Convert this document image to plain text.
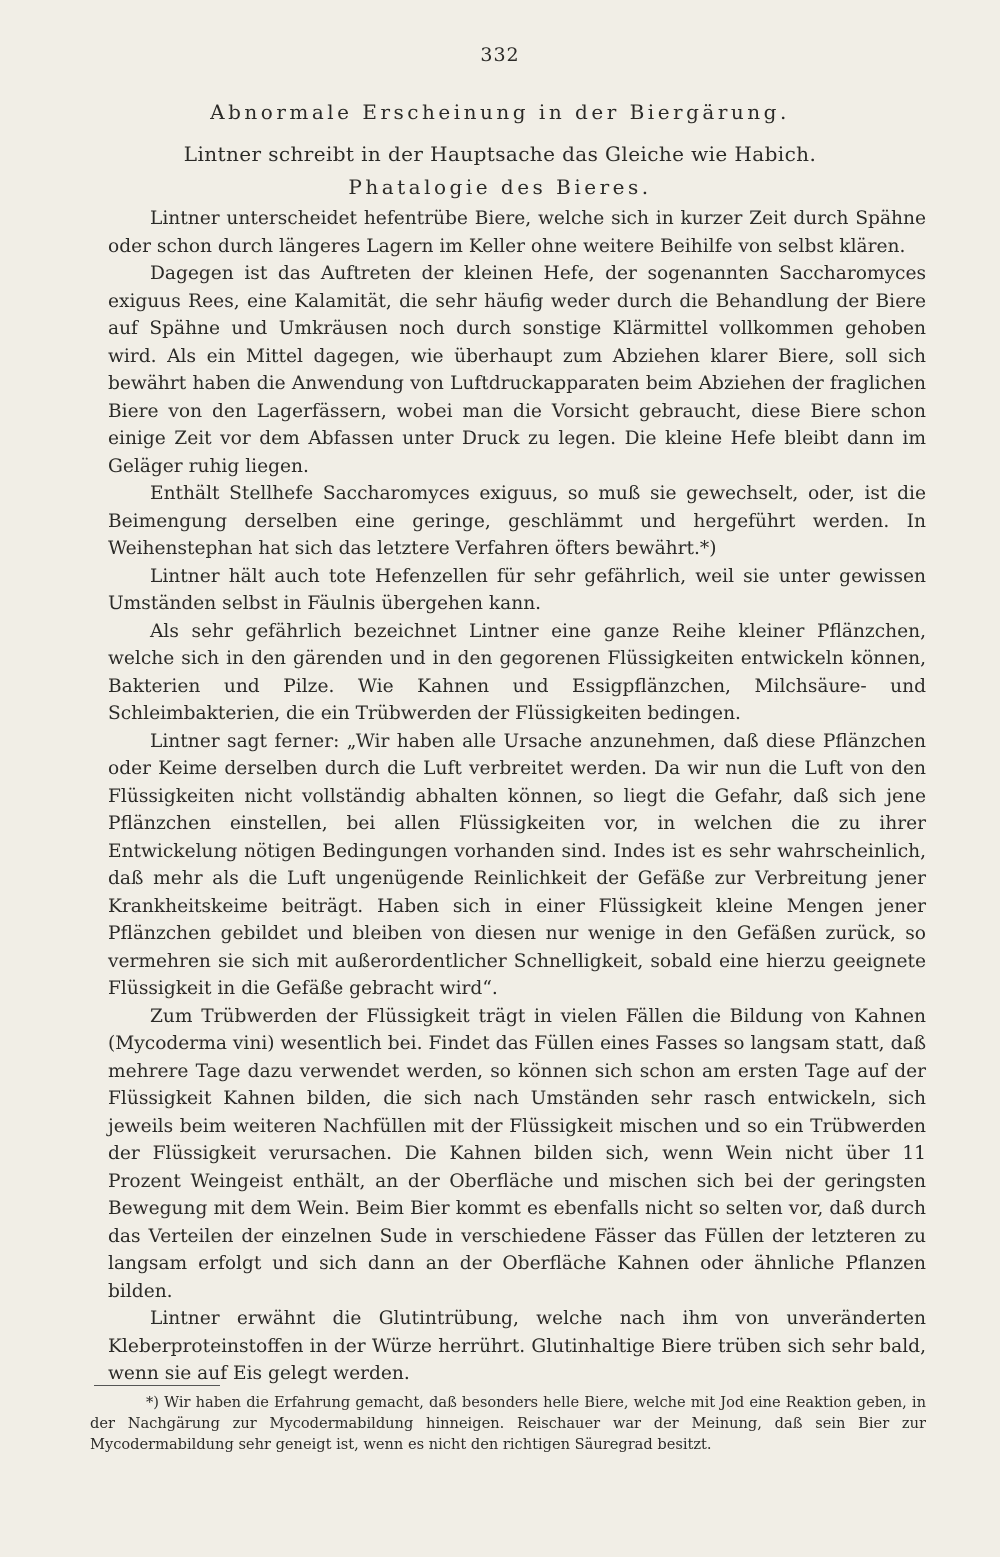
332
Abnormale Erscheinung in der Biergärung.
Lintner schreibt in der Hauptsache das Gleiche wie Habich.
Phatalogie des Bieres.

Lintner unterscheidet hefentrübe Biere, welche sich in kurzer Zeit durch Spähne oder schon durch längeres Lagern im Keller ohne weitere Beihilfe von selbst klären.

Dagegen ist das Auftreten der kleinen Hefe, der sogenannten Saccharomyces exiguus Rees, eine Kalamität, die sehr häufig weder durch die Behandlung der Biere auf Spähne und Umkräusen noch durch sonstige Klärmittel vollkommen gehoben wird. Als ein Mittel dagegen, wie überhaupt zum Abziehen klarer Biere, soll sich bewährt haben die Anwendung von Luftdruckapparaten beim Abziehen der fraglichen Biere von den Lagerfässern, wobei man die Vorsicht gebraucht, diese Biere schon einige Zeit vor dem Abfassen unter Druck zu legen. Die kleine Hefe bleibt dann im Geläger ruhig liegen.

Enthält Stellhefe Saccharomyces exiguus, so muß sie gewechselt, oder, ist die Beimengung derselben eine geringe, geschlämmt und hergeführt werden. In Weihenstephan hat sich das letztere Verfahren öfters bewährt.*)

Lintner hält auch tote Hefenzellen für sehr gefährlich, weil sie unter gewissen Umständen selbst in Fäulnis übergehen kann.

Als sehr gefährlich bezeichnet Lintner eine ganze Reihe kleiner Pflänzchen, welche sich in den gärenden und in den gegorenen Flüssigkeiten entwickeln können, Bakterien und Pilze. Wie Kahnen und Essigpflänzchen, Milchsäure- und Schleimbakterien, die ein Trübwerden der Flüssigkeiten bedingen.

Lintner sagt ferner: „Wir haben alle Ursache anzunehmen, daß diese Pflänzchen oder Keime derselben durch die Luft verbreitet werden. Da wir nun die Luft von den Flüssigkeiten nicht vollständig abhalten können, so liegt die Gefahr, daß sich jene Pflänzchen einstellen, bei allen Flüssigkeiten vor, in welchen die zu ihrer Entwickelung nötigen Bedingungen vorhanden sind. Indes ist es sehr wahrscheinlich, daß mehr als die Luft ungenügende Reinlichkeit der Gefäße zur Verbreitung jener Krankheitskeime beiträgt. Haben sich in einer Flüssigkeit kleine Mengen jener Pflänzchen gebildet und bleiben von diesen nur wenige in den Gefäßen zurück, so vermehren sie sich mit außerordentlicher Schnelligkeit, sobald eine hierzu geeignete Flüssigkeit in die Gefäße gebracht wird“.

Zum Trübwerden der Flüssigkeit trägt in vielen Fällen die Bildung von Kahnen (Mycoderma vini) wesentlich bei. Findet das Füllen eines Fasses so langsam statt, daß mehrere Tage dazu verwendet werden, so können sich schon am ersten Tage auf der Flüssigkeit Kahnen bilden, die sich nach Umständen sehr rasch entwickeln, sich jeweils beim weiteren Nachfüllen mit der Flüssigkeit mischen und so ein Trübwerden der Flüssigkeit verursachen. Die Kahnen bilden sich, wenn Wein nicht über 11 Prozent Weingeist enthält, an der Oberfläche und mischen sich bei der geringsten Bewegung mit dem Wein. Beim Bier kommt es ebenfalls nicht so selten vor, daß durch das Verteilen der einzelnen Sude in verschiedene Fässer das Füllen der letzteren zu langsam erfolgt und sich dann an der Oberfläche Kahnen oder ähnliche Pflanzen bilden.

Lintner erwähnt die Glutintrübung, welche nach ihm von unveränderten Kleberproteinstoffen in der Würze herrührt. Glutinhaltige Biere trüben sich sehr bald, wenn sie auf Eis gelegt werden.

*) Wir haben die Erfahrung gemacht, daß besonders helle Biere, welche mit Jod eine Reaktion geben, in der Nachgärung zur Mycodermabildung hinneigen. Reischauer war der Meinung, daß sein Bier zur Mycodermabildung sehr geneigt ist, wenn es nicht den richtigen Säuregrad besitzt.
